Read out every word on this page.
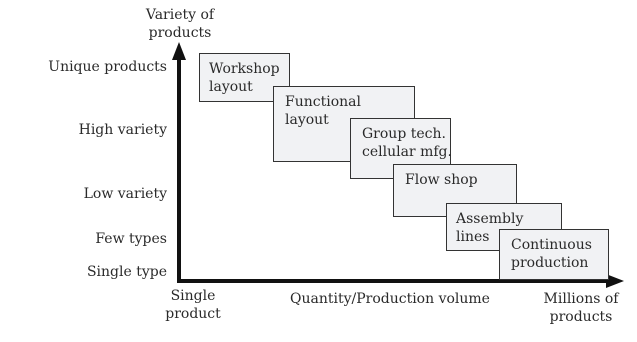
Variety of
products
Unique products
High variety
Low variety
Few types
Single type
Single
product
Quantity/Production volume	Millions of
products
Workshop
layout
Functional
layout
Group tech.
cellular mfg.
Flow shop
Assembly
lines	Continuous
production
